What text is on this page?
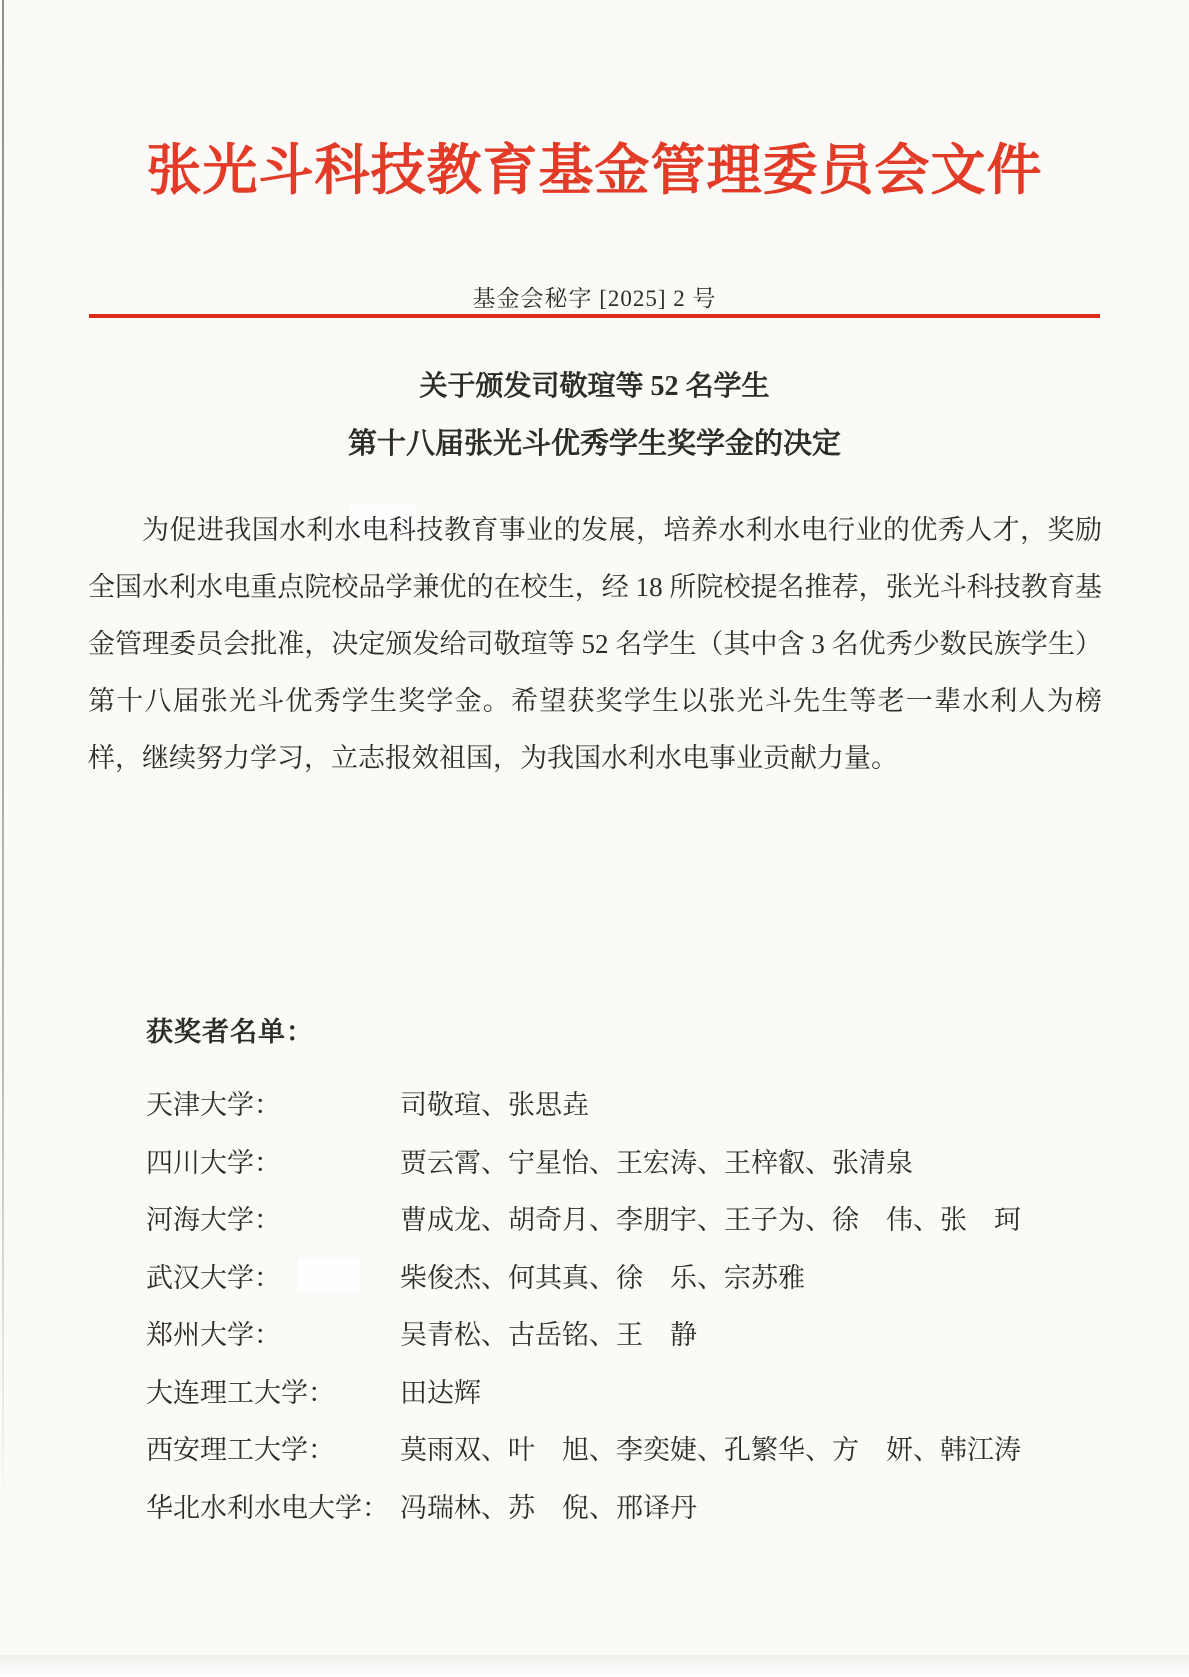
张光斗科技教育基金管理委员会文件
基金会秘字 [2025] 2 号
关于颁发司敬瑄等 52 名学生
第十八届张光斗优秀学生奖学金的决定
为促进我国水利水电科技教育事业的发展，培养水利水电行业的优秀人才，奖励全国水利水电重点院校品学兼优的在校生，经 18 所院校提名推荐，张光斗科技教育基金管理委员会批准，决定颁发给司敬瑄等 52 名学生（其中含 3 名优秀少数民族学生）第十八届张光斗优秀学生奖学金。希望获奖学生以张光斗先生等老一辈水利人为榜样，继续努力学习，立志报效祖国，为我国水利水电事业贡献力量。
获奖者名单：
天津大学：	司敬瑄、张思垚
四川大学：	贾云霄、宁星怡、王宏涛、王梓叡、张清泉
河海大学：	曹成龙、胡奇月、李朋宇、王子为、徐　伟、张　珂
武汉大学：	柴俊杰、何其真、徐　乐、宗苏雅
郑州大学：	吴青松、古岳铭、王　静
大连理工大学：	田达辉
西安理工大学：	莫雨双、叶　旭、李奕婕、孔繁华、方　妍、韩江涛
华北水利水电大学： 冯瑞林、苏　倪、邢译丹
